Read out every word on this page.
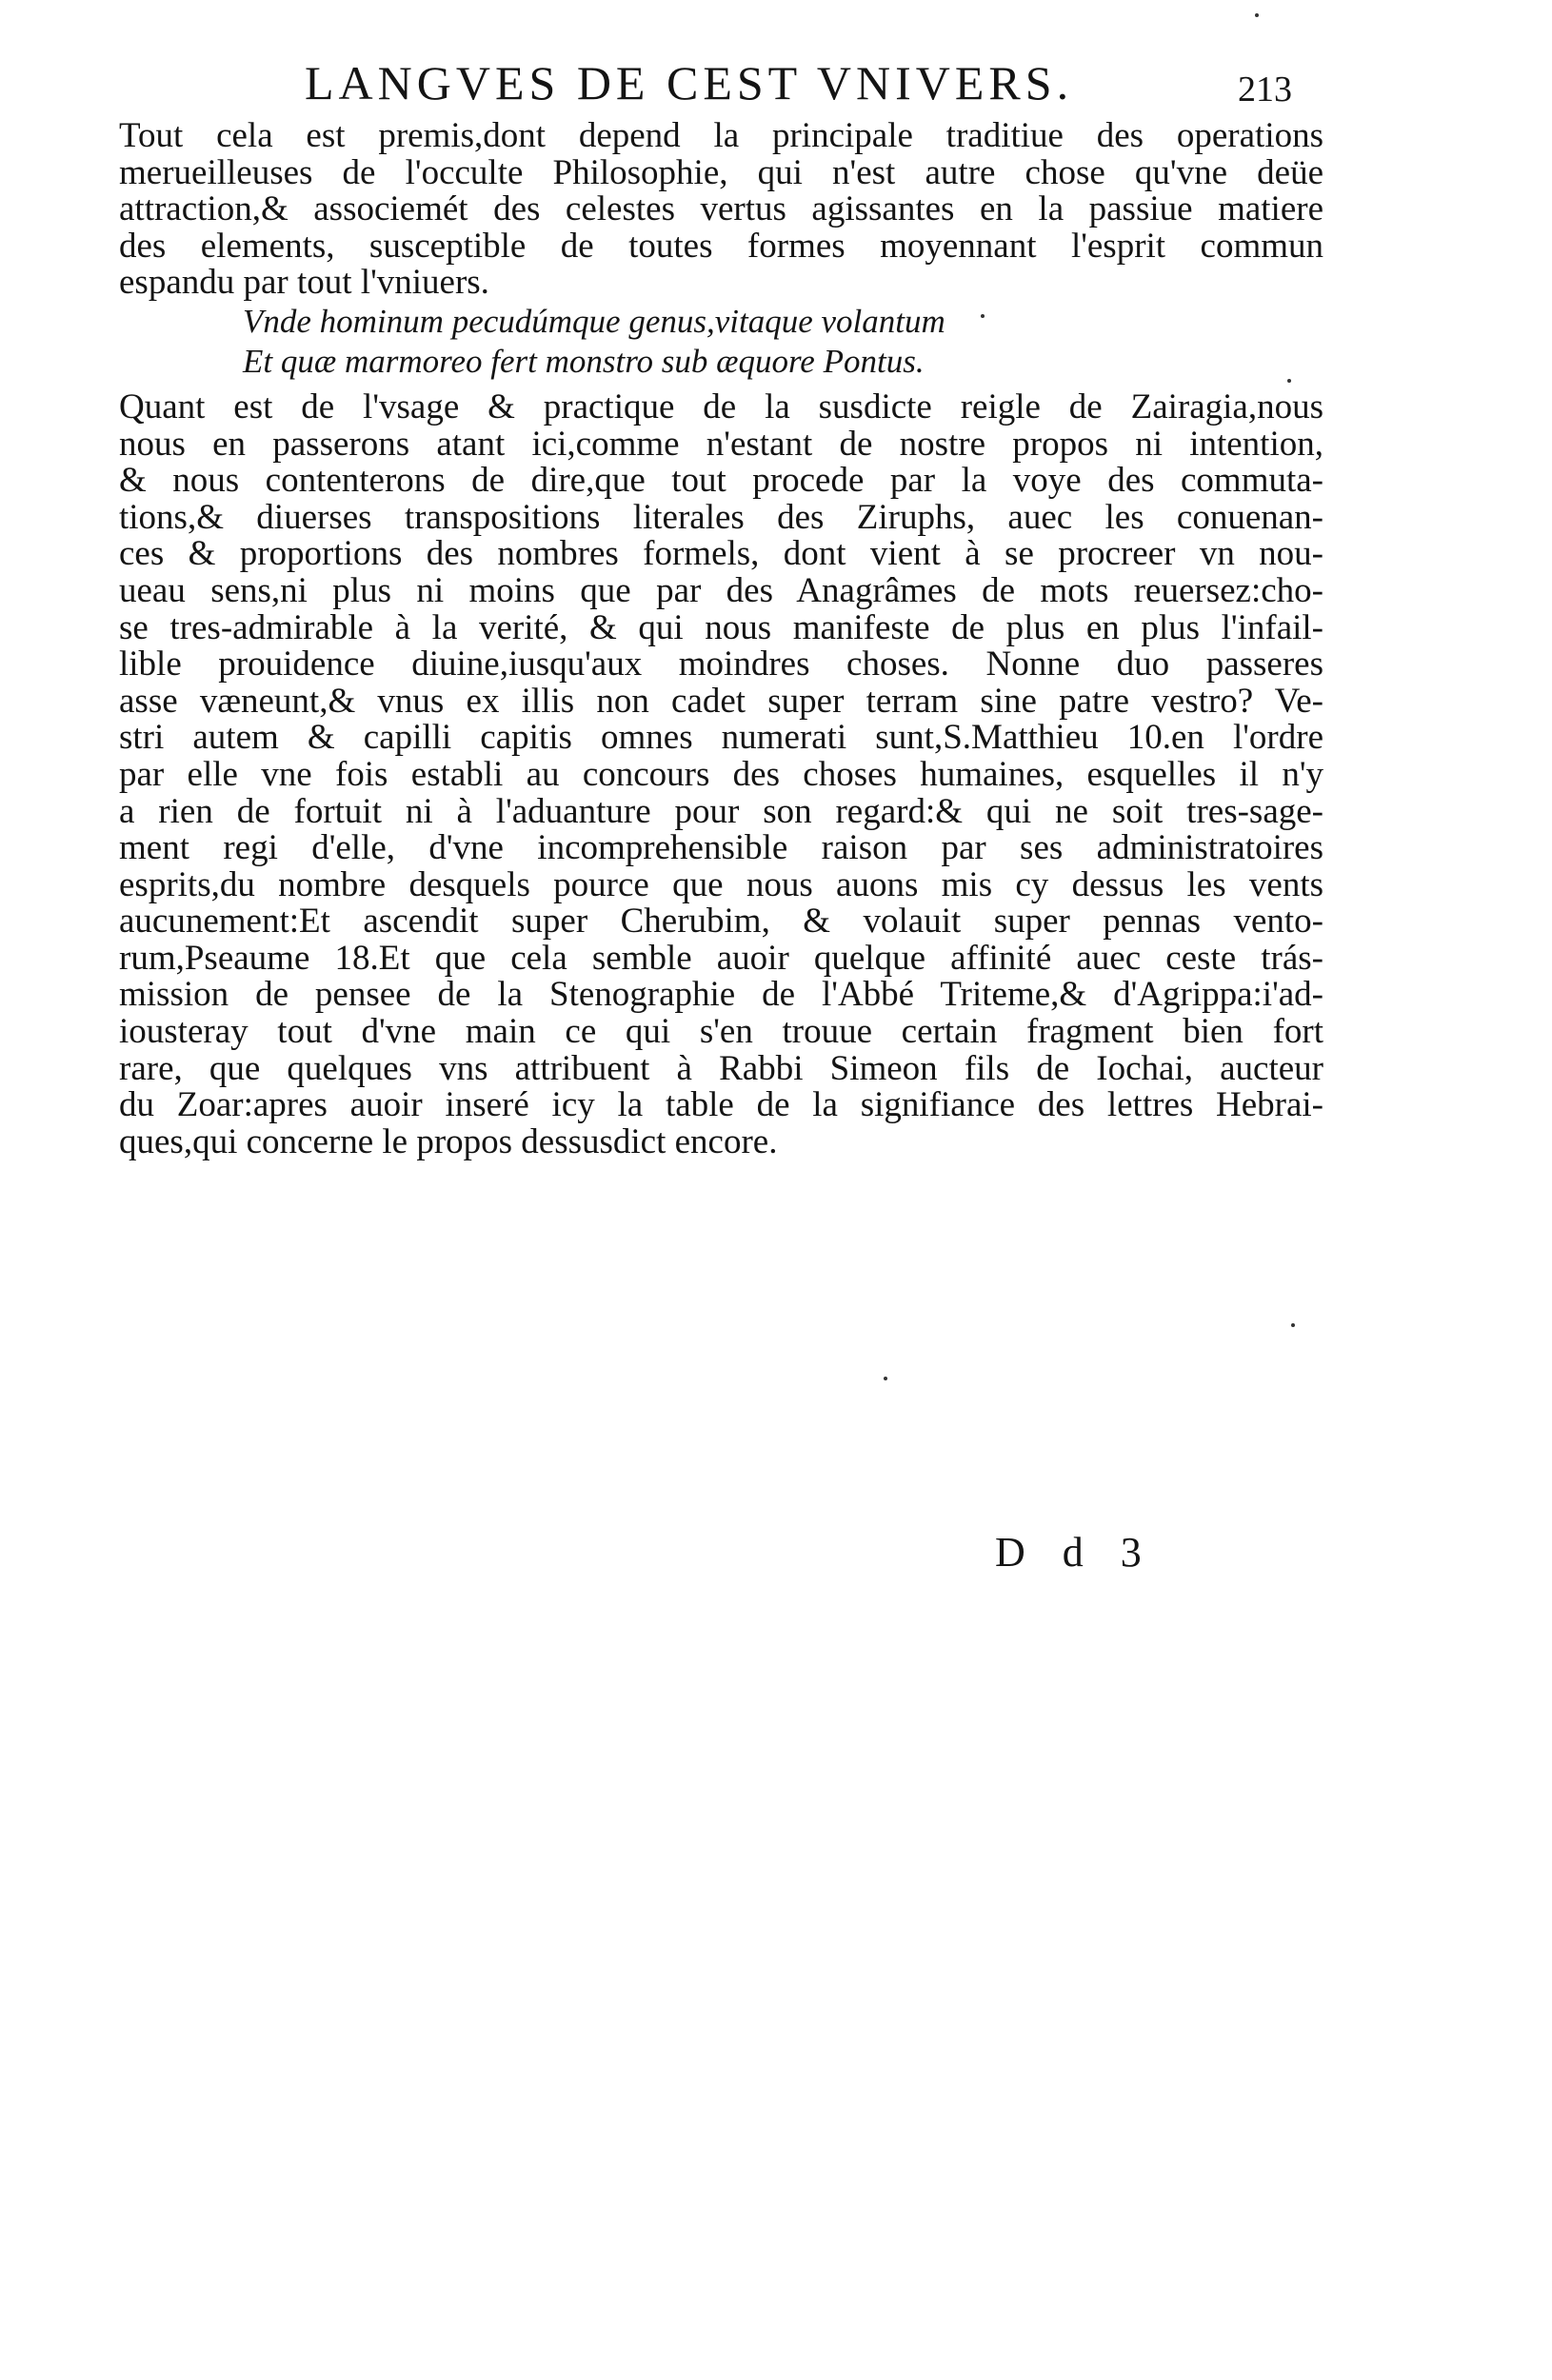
LANGVES DE CEST VNIVERS.	213
Tout cela est premis,dont depend la principale traditiue des operations
merueilleuses de l'occulte Philosophie, qui n'est autre chose qu'vne deüe
attraction,& associemét des celestes vertus agissantes en la passiue matiere
des elements, susceptible de toutes formes moyennant l'esprit commun
espandu par tout l'vniuers.
Vnde hominum pecudúmque genus,vitaque volantum
Et quæ marmoreo fert monstro sub æquore Pontus.
Quant est de l'vsage & practique de la susdicte reigle de Zairagia,nous
nous en passerons atant ici,comme n'estant de nostre propos ni intention,
& nous contenterons de dire,que tout procede par la voye des commuta-
tions,& diuerses transpositions literales des Ziruphs, auec les conuenan-
ces & proportions des nombres formels, dont vient à se procreer vn nou-
ueau sens,ni plus ni moins que par des Anagrâmes de mots reuersez:cho-
se tres-admirable à la verité, & qui nous manifeste de plus en plus l'infail-
lible prouidence diuine,iusqu'aux moindres choses. Nonne duo passeres
asse væneunt,& vnus ex illis non cadet super terram sine patre vestro? Ve-
stri autem & capilli capitis omnes numerati sunt,S.Matthieu 10.en l'ordre
par elle vne fois establi au concours des choses humaines, esquelles il n'y
a rien de fortuit ni à l'aduanture pour son regard:& qui ne soit tres-sage-
ment regi d'elle, d'vne incomprehensible raison par ses administratoires
esprits,du nombre desquels pource que nous auons mis cy dessus les vents
aucunement:Et ascendit super Cherubim, & volauit super pennas vento-
rum,Pseaume 18.Et que cela semble auoir quelque affinité auec ceste trás-
mission de pensee de la Stenographie de l'Abbé Triteme,& d'Agrippa:i'ad-
iousteray tout d'vne main ce qui s'en trouue certain fragment bien fort
rare, que quelques vns attribuent à Rabbi Simeon fils de Iochai, aucteur
du Zoar:apres auoir inseré icy la table de la signifiance des lettres Hebrai-
ques,qui concerne le propos dessusdict encore.
D d 3
